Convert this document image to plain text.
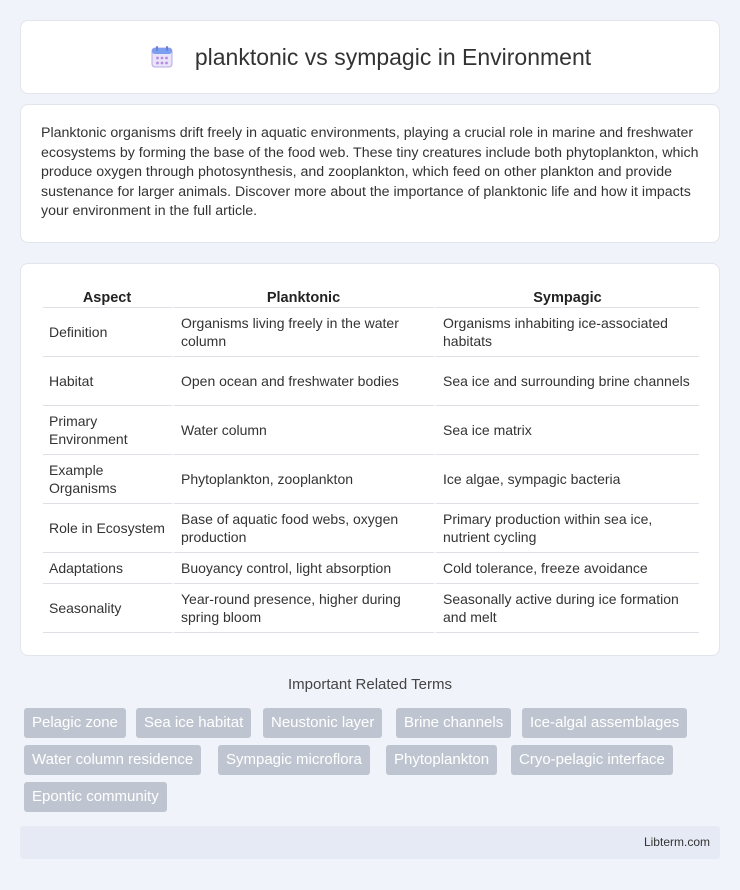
planktonic vs sympagic in Environment

Planktonic organisms drift freely in aquatic environments, playing a crucial role in marine and freshwater ecosystems by forming the base of the food web. These tiny creatures include both phytoplankton, which produce oxygen through photosynthesis, and zooplankton, which feed on other plankton and provide sustenance for larger animals. Discover more about the importance of planktonic life and how it impacts your environment in the full article.

Aspect	Planktonic	Sympagic
Definition	Organisms living freely in the water column	Organisms inhabiting ice-associated habitats
Habitat	Open ocean and freshwater bodies	Sea ice and surrounding brine channels
Primary Environment	Water column	Sea ice matrix
Example Organisms	Phytoplankton, zooplankton	Ice algae, sympagic bacteria
Role in Ecosystem	Base of aquatic food webs, oxygen production	Primary production within sea ice, nutrient cycling
Adaptations	Buoyancy control, light absorption	Cold tolerance, freeze avoidance
Seasonality	Year-round presence, higher during spring bloom	Seasonally active during ice formation and melt
Important Related Terms
Pelagic zone	Sea ice habitat	Neustonic layer	Brine channels	Ice-algal assemblages
Water column residence	Sympagic microflora	Phytoplankton	Cryo-pelagic interface
Epontic community
Libterm.com
